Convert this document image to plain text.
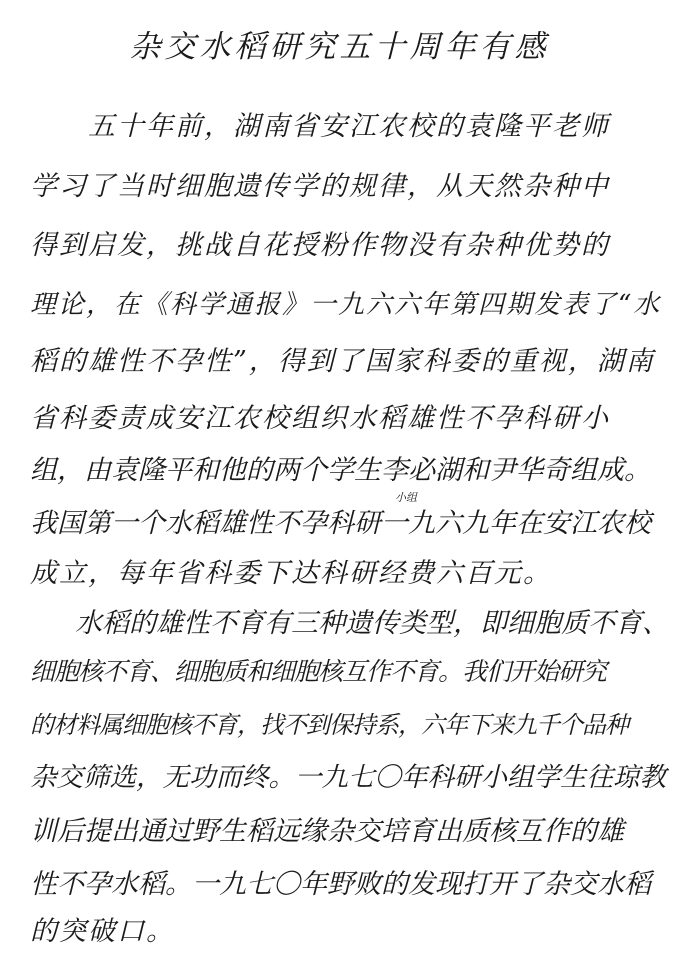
杂交水稻研究五十周年有感
五十年前，湖南省安江农校的袁隆平老师
学习了当时细胞遗传学的规律，从天然杂种中
得到启发，挑战自花授粉作物没有杂种优势的
理论，在《科学通报》一九六六年第四期发表了“水
稻的雄性不孕性”，得到了国家科委的重视，湖南
省科委责成安江农校组织水稻雄性不孕科研小
组，由袁隆平和他的两个学生李必湖和尹华奇组成。
小组
我国第一个水稻雄性不孕科研一九六九年在安江农校
成立，每年省科委下达科研经费六百元。
水稻的雄性不育有三种遗传类型，即细胞质不育、
细胞核不育、细胞质和细胞核互作不育。我们开始研究
的材料属细胞核不育，找不到保持系，六年下来九千个品种
杂交筛选，无功而终。一九七〇年科研小组学生往琼教
训后提出通过野生稻远缘杂交培育出质核互作的雄
性不孕水稻。一九七〇年野败的发现打开了杂交水稻
的突破口。
